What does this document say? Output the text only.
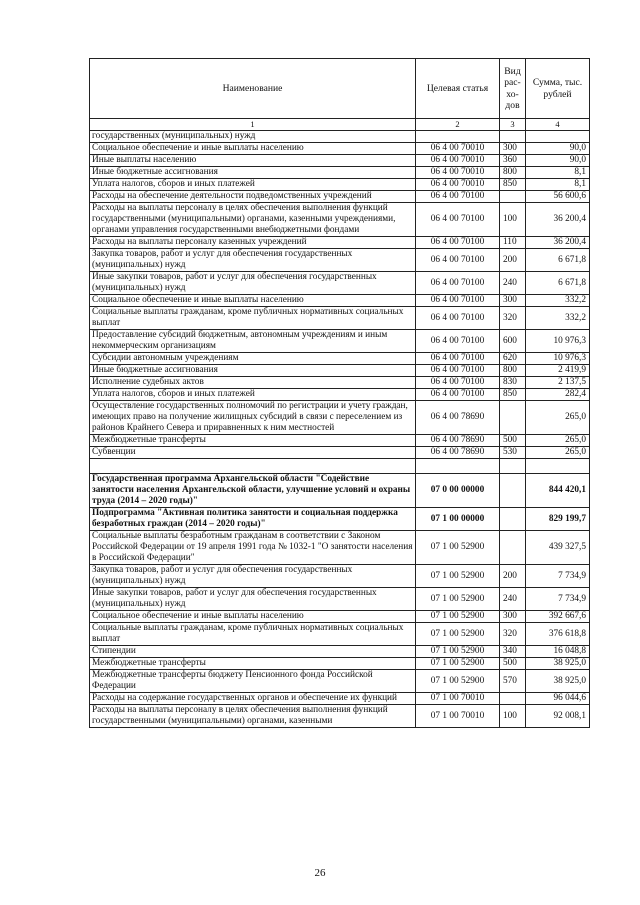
Наименование	Целевая статья	Вид рас- хо- дов	Сумма, тыс. рублей
1	2	3	4
государственных (муниципальных) нужд			
Социальное обеспечение и иные выплаты населению	06 4 00 70010	300	90,0
Иные выплаты населению	06 4 00 70010	360	90,0
Иные бюджетные ассигнования	06 4 00 70010	800	8,1
Уплата налогов, сборов и иных платежей	06 4 00 70010	850	8,1
Расходы на обеспечение деятельности подведомственных учреждений	06 4 00 70100		56 600,6
Расходы на выплаты персоналу в целях обеспечения выполнения функций государственными (муниципальными) органами, казенными учреждениями, органами управления государственными внебюджетными фондами	06 4 00 70100	100	36 200,4
Расходы на выплаты персоналу казенных учреждений	06 4 00 70100	110	36 200,4
Закупка товаров, работ и услуг для обеспечения государственных (муниципальных) нужд	06 4 00 70100	200	6 671,8
Иные закупки товаров, работ и услуг для обеспечения государственных (муниципальных) нужд	06 4 00 70100	240	6 671,8
Социальное обеспечение и иные выплаты населению	06 4 00 70100	300	332,2
Социальные выплаты гражданам, кроме публичных нормативных социальных выплат	06 4 00 70100	320	332,2
Предоставление субсидий бюджетным, автономным учреждениям и иным некоммерческим организациям	06 4 00 70100	600	10 976,3
Субсидии автономным учреждениям	06 4 00 70100	620	10 976,3
Иные бюджетные ассигнования	06 4 00 70100	800	2 419,9
Исполнение судебных актов	06 4 00 70100	830	2 137,5
Уплата налогов, сборов и иных платежей	06 4 00 70100	850	282,4
Осуществление государственных полномочий по регистрации и учету граждан, имеющих право на получение жилищных субсидий в связи с переселением из районов Крайнего Севера и приравненных к ним местностей	06 4 00 78690		265,0
Межбюджетные трансферты	06 4 00 78690	500	265,0
Субвенции	06 4 00 78690	530	265,0

Государственная программа Архангельской области "Содействие занятости населения Архангельской области, улучшение условий и охраны труда (2014 – 2020 годы)"	07 0 00 00000		844 420,1
Подпрограмма "Активная политика занятости и социальная поддержка безработных граждан (2014 – 2020 годы)"	07 1 00 00000		829 199,7
Социальные выплаты безработным гражданам в соответствии с Законом Российской Федерации от 19 апреля 1991 года № 1032-1 "О занятости населения в Российской Федерации"	07 1 00 52900		439 327,5
Закупка товаров, работ и услуг для обеспечения государственных (муниципальных) нужд	07 1 00 52900	200	7 734,9
Иные закупки товаров, работ и услуг для обеспечения государственных (муниципальных) нужд	07 1 00 52900	240	7 734,9
Социальное обеспечение и иные выплаты населению	07 1 00 52900	300	392 667,6
Социальные выплаты гражданам, кроме публичных нормативных социальных выплат	07 1 00 52900	320	376 618,8
Стипендии	07 1 00 52900	340	16 048,8
Межбюджетные трансферты	07 1 00 52900	500	38 925,0
Межбюджетные трансферты бюджету Пенсионного фонда Российской Федерации	07 1 00 52900	570	38 925,0
Расходы на содержание государственных органов и обеспечение их функций	07 1 00 70010		96 044,6
Расходы на выплаты персоналу в целях обеспечения выполнения функций государственными (муниципальными) органами, казенными	07 1 00 70010	100	92 008,1
26
